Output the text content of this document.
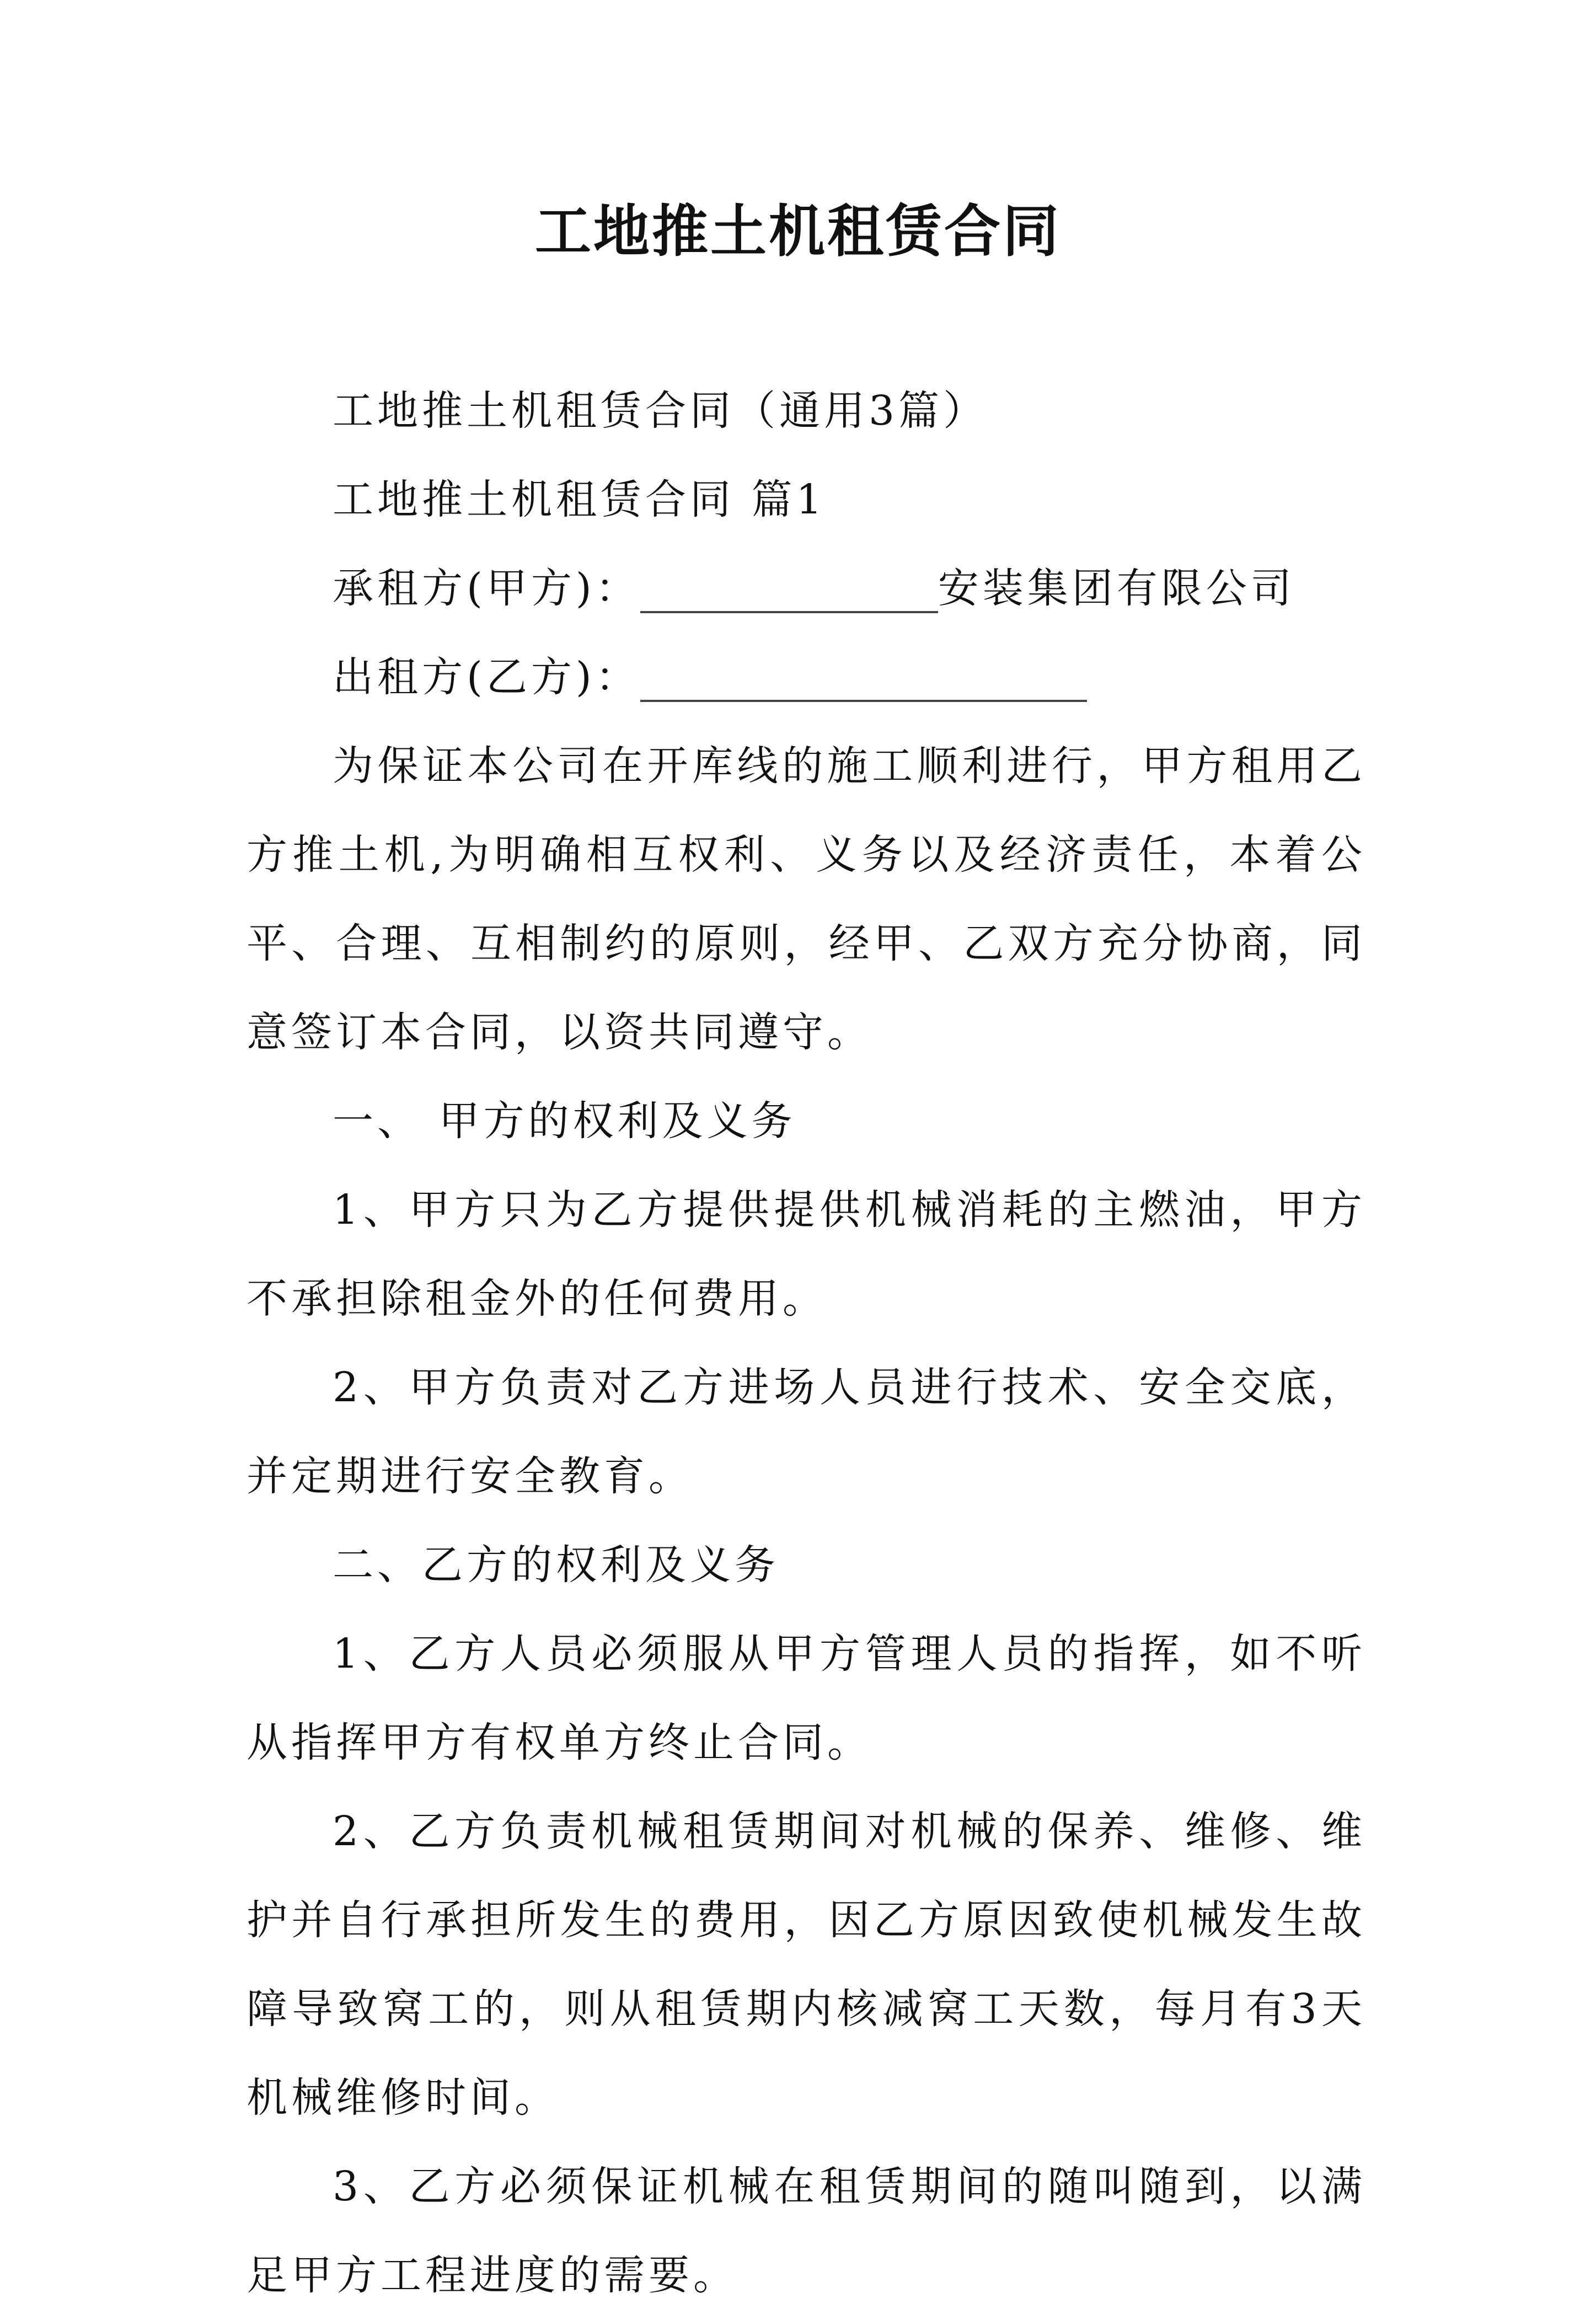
工地推土机租赁合同

工地推土机租赁合同（通用3篇）

工地推土机租赁合同 篇1

承租方(甲方)：	安装集团有限公司

出租方(乙方)：

为保证本公司在开库线的施工顺利进行，甲方租用乙方推土机,为明确相互权利、义务以及经济责任，本着公平、合理、互相制约的原则，经甲、乙双方充分协商，同意签订本合同，以资共同遵守。

一、 甲方的权利及义务

1、甲方只为乙方提供提供机械消耗的主燃油，甲方不承担除租金外的任何费用。

2、甲方负责对乙方进场人员进行技术、安全交底，并定期进行安全教育。

二、乙方的权利及义务

1、乙方人员必须服从甲方管理人员的指挥，如不听从指挥甲方有权单方终止合同。

2、乙方负责机械租赁期间对机械的保养、维修、维护并自行承担所发生的费用，因乙方原因致使机械发生故障导致窝工的，则从租赁期内核减窝工天数，每月有3天机械维修时间。

3、乙方必须保证机械在租赁期间的随叫随到，以满足甲方工程进度的需要。
